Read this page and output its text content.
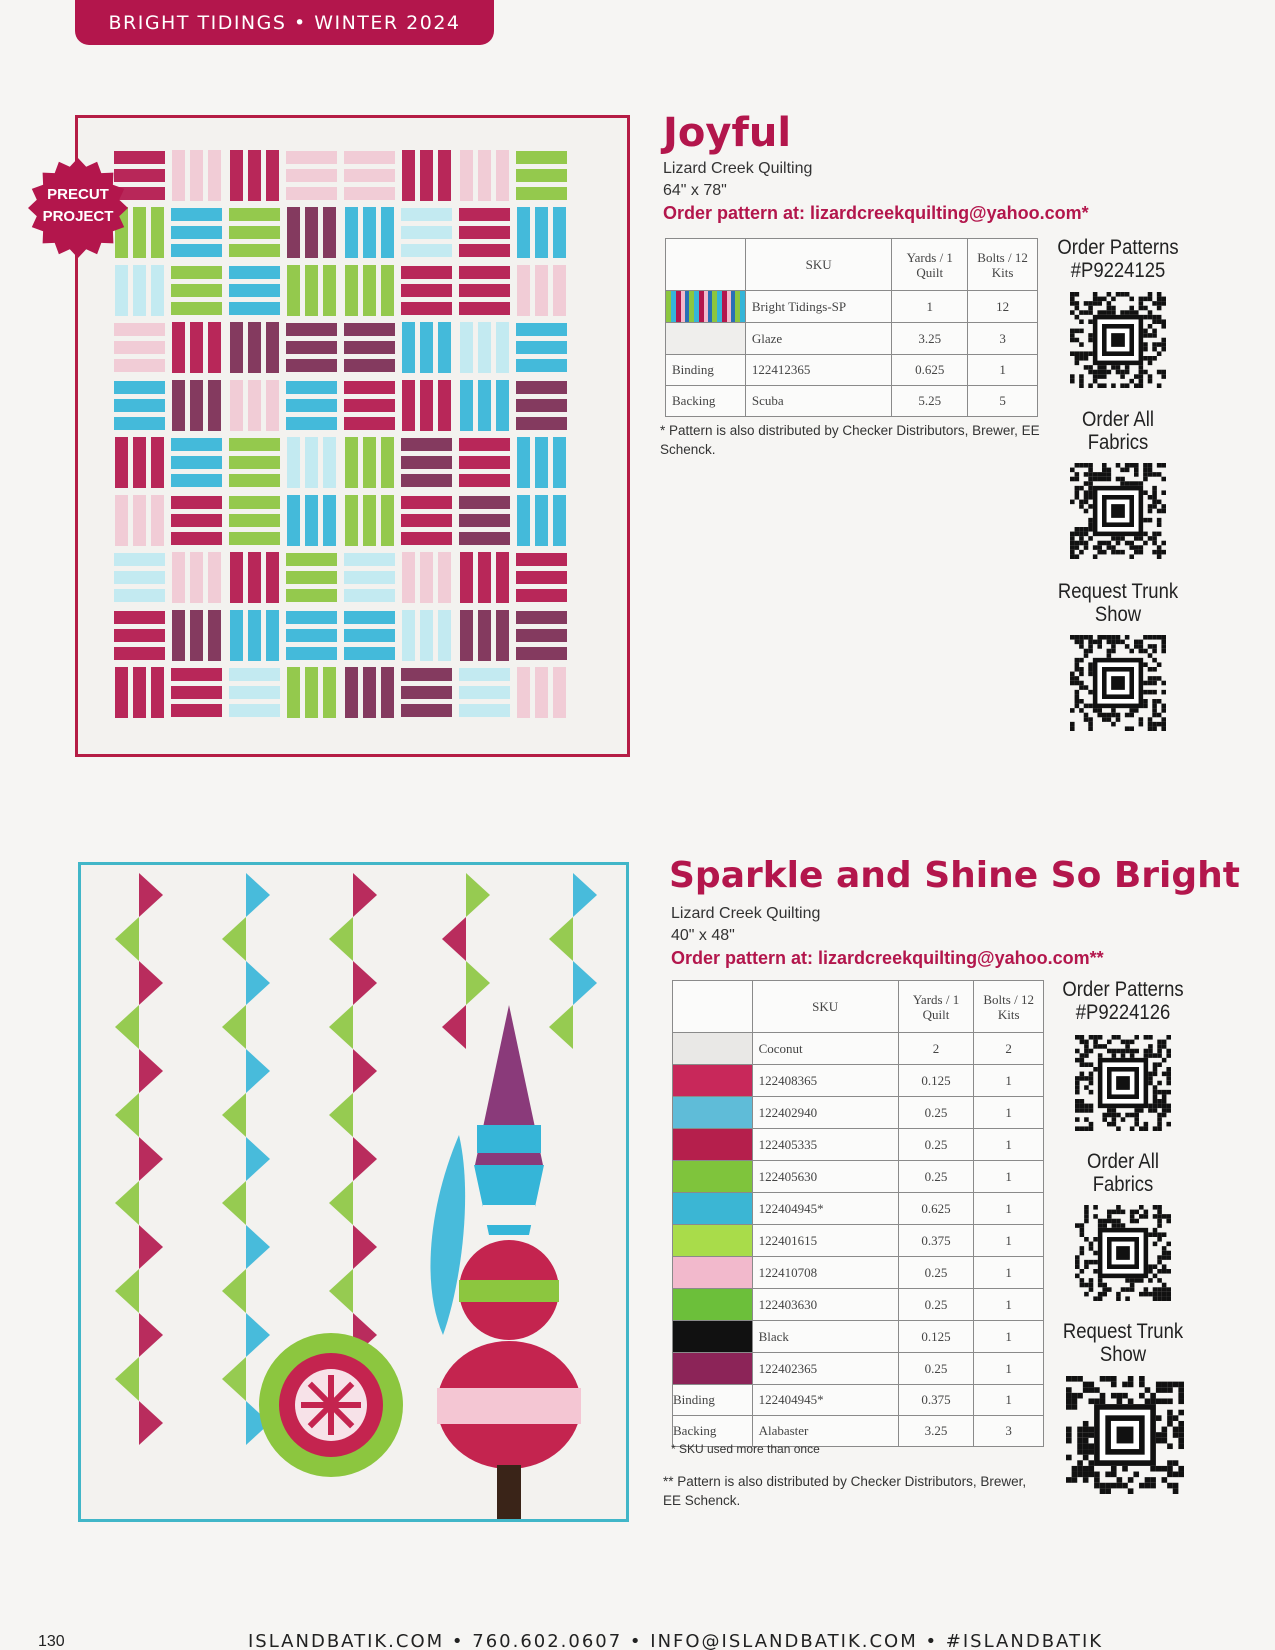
BRIGHT TIDINGS • WINTER 2024
PRECUT
PROJECT
Joyful
Lizard Creek Quilting
64" x 78"
Order pattern at: lizardcreekquilting@yahoo.com*
	SKU	Yards / 1 Quilt	Bolts / 12 Kits

	Bright Tidings-SP	1	12

	Glaze	3.25	3
Binding	122412365	0.625	1
Backing	Scuba	5.25	5
* Pattern is also distributed by Checker Distributors, Brewer, EE Schenck.
Order Patterns #P9224125
Order All Fabrics
Request Trunk Show
Sparkle and Shine So Bright
Lizard Creek Quilting
40" x 48"
Order pattern at: lizardcreekquilting@yahoo.com**
	SKU	Yards / 1 Quilt	Bolts / 12 Kits

	Coconut	2	2

	122408365	0.125	1

	122402940	0.25	1

	122405335	0.25	1

	122405630	0.25	1

	122404945*	0.625	1

	122401615	0.375	1

	122410708	0.25	1

	122403630	0.25	1

	Black	0.125	1

	122402365	0.25	1
Binding	122404945*	0.375	1
Backing	Alabaster	3.25	3
* SKU used more than once
** Pattern is also distributed by Checker Distributors, Brewer, EE Schenck.
Order Patterns #P9224126
Order All Fabrics
Request Trunk Show
130	ISLANDBATIK.COM • 760.602.0607 • INFO@ISLANDBATIK.COM • #ISLANDBATIK
